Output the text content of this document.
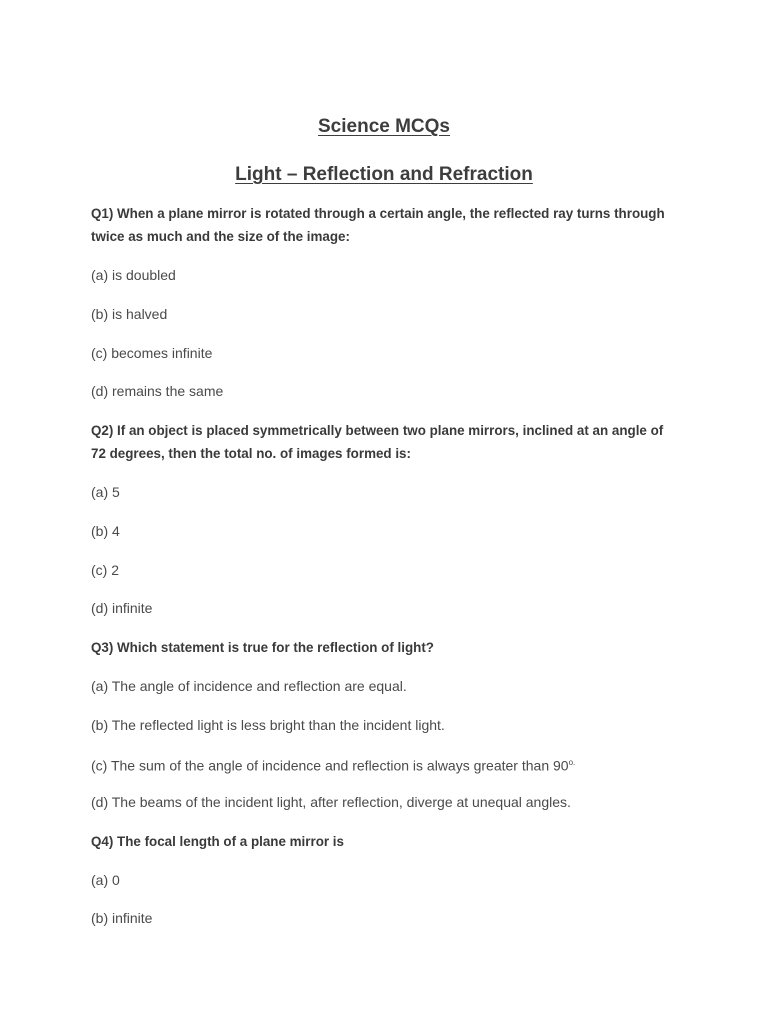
Science MCQs
Light – Reflection and Refraction

Q1) When a plane mirror is rotated through a certain angle, the reflected ray turns through twice as much and the size of the image:

(a) is doubled

(b) is halved

(c) becomes infinite

(d) remains the same

Q2) If an object is placed symmetrically between two plane mirrors, inclined at an angle of 72 degrees, then the total no. of images formed is:

(a) 5

(b) 4

(c) 2

(d) infinite

Q3) Which statement is true for the reflection of light?

(a) The angle of incidence and reflection are equal.

(b) The reflected light is less bright than the incident light.

(c) The sum of the angle of incidence and reflection is always greater than $90^{o.}$

(d) The beams of the incident light, after reflection, diverge at unequal angles.

Q4) The focal length of a plane mirror is

(a) 0

(b) infinite
